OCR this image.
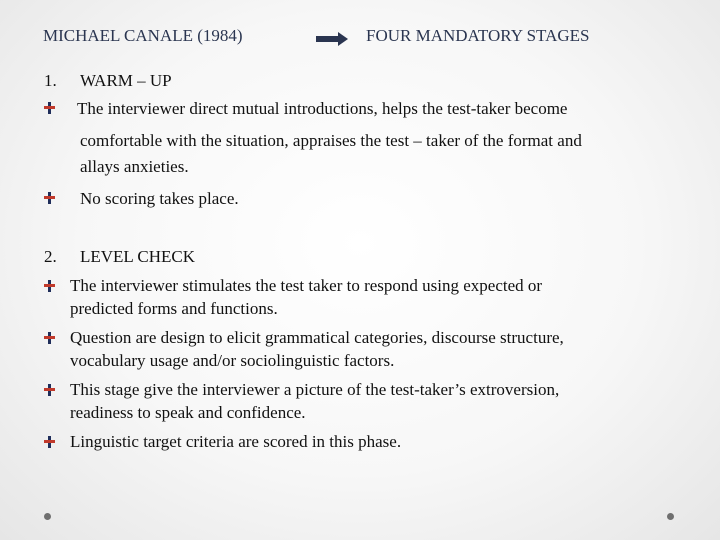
MICHAEL CANALE (1984)	FOUR MANDATORY STAGES
1. WARM – UP
The interviewer direct mutual introductions, helps the test-taker become
comfortable with the situation, appraises the test – taker of the format and
allays anxieties.
No scoring takes place.
2. LEVEL CHECK
The interviewer stimulates the test taker to respond using expected or
predicted forms and functions.
Question are design to elicit grammatical categories, discourse structure,
vocabulary usage and/or sociolinguistic factors.
This stage give the interviewer a picture of the test-taker’s extroversion,
readiness to speak and confidence.
Linguistic target criteria are scored in this phase.
